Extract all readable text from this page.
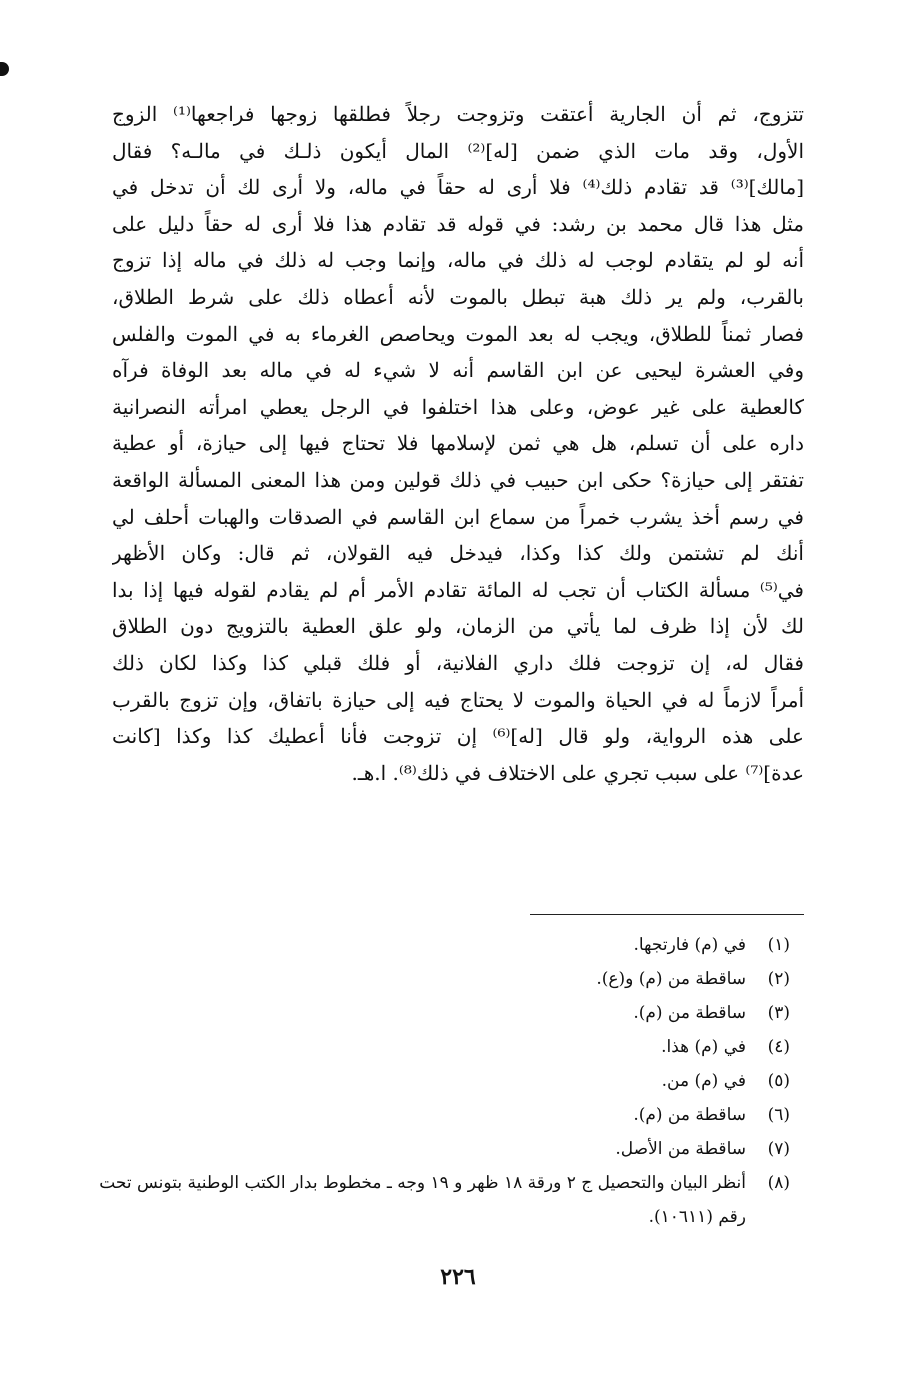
تتزوج، ثم أن الجارية أعتقت وتزوجت رجلاً فطلقها زوجها فراجعها⁽¹⁾ الزوج
الأول، وقد مات الذي ضمن [له]⁽²⁾ المال أيكون ذلـك في مالـه؟ فقال
[مالك]⁽³⁾ قد تقادم ذلك⁽⁴⁾ فلا أرى له حقاً في ماله، ولا أرى لك أن تدخل في
مثل هذا قال محمد بن رشد: في قوله قد تقادم هذا فلا أرى له حقاً دليل على
أنه لو لم يتقادم لوجب له ذلك في ماله، وإنما وجب له ذلك في ماله إذا تزوج
بالقرب، ولم ير ذلك هبة تبطل بالموت لأنه أعطاه ذلك على شرط الطلاق،
فصار ثمناً للطلاق، ويجب له بعد الموت ويحاصص الغرماء به في الموت والفلس
وفي العشرة ليحيى عن ابن القاسم أنه لا شيء له في ماله بعد الوفاة فرآه
كالعطية على غير عوض، وعلى هذا اختلفوا في الرجل يعطي امرأته النصرانية
داره على أن تسلم، هل هي ثمن لإسلامها فلا تحتاج فيها إلى حيازة، أو عطية
تفتقر إلى حيازة؟ حكى ابن حبيب في ذلك قولين ومن هذا المعنى المسألة الواقعة
في رسم أخذ يشرب خمراً من سماع ابن القاسم في الصدقات والهبات أحلف لي
أنك لم تشتمن ولك كذا وكذا، فيدخل فيه القولان، ثم قال: وكان الأظهر
في⁽⁵⁾ مسألة الكتاب أن تجب له المائة تقادم الأمر أم لم يقادم لقوله فيها إذا بدا
لك لأن إذا ظرف لما يأتي من الزمان، ولو علق العطية بالتزويج دون الطلاق
فقال له، إن تزوجت فلك داري الفلانية، أو فلك قبلي كذا وكذا لكان ذلك
أمراً لازماً له في الحياة والموت لا يحتاج فيه إلى حيازة باتفاق، وإن تزوج بالقرب
على هذه الرواية، ولو قال [له]⁽⁶⁾ إن تزوجت فأنا أعطيك كذا وكذا [كانت
عدة]⁽⁷⁾ على سبب تجري على الاختلاف في ذلك⁽⁸⁾. ا.هـ.
(١)
في (م) فارتجها.
(٢)
ساقطة من (م) و(ع).
(٣)
ساقطة من (م).
(٤)
في (م) هذا.
(٥)
في (م) من.
(٦)
ساقطة من (م).
(٧)
ساقطة من الأصل.
(٨)
أنظر البيان والتحصيل ج ٢ ورقة ١٨ ظهر و ١٩ وجه ـ مخطوط بدار الكتب الوطنية بتونس تحت رقم (١٠٦١١).
٢٢٦
